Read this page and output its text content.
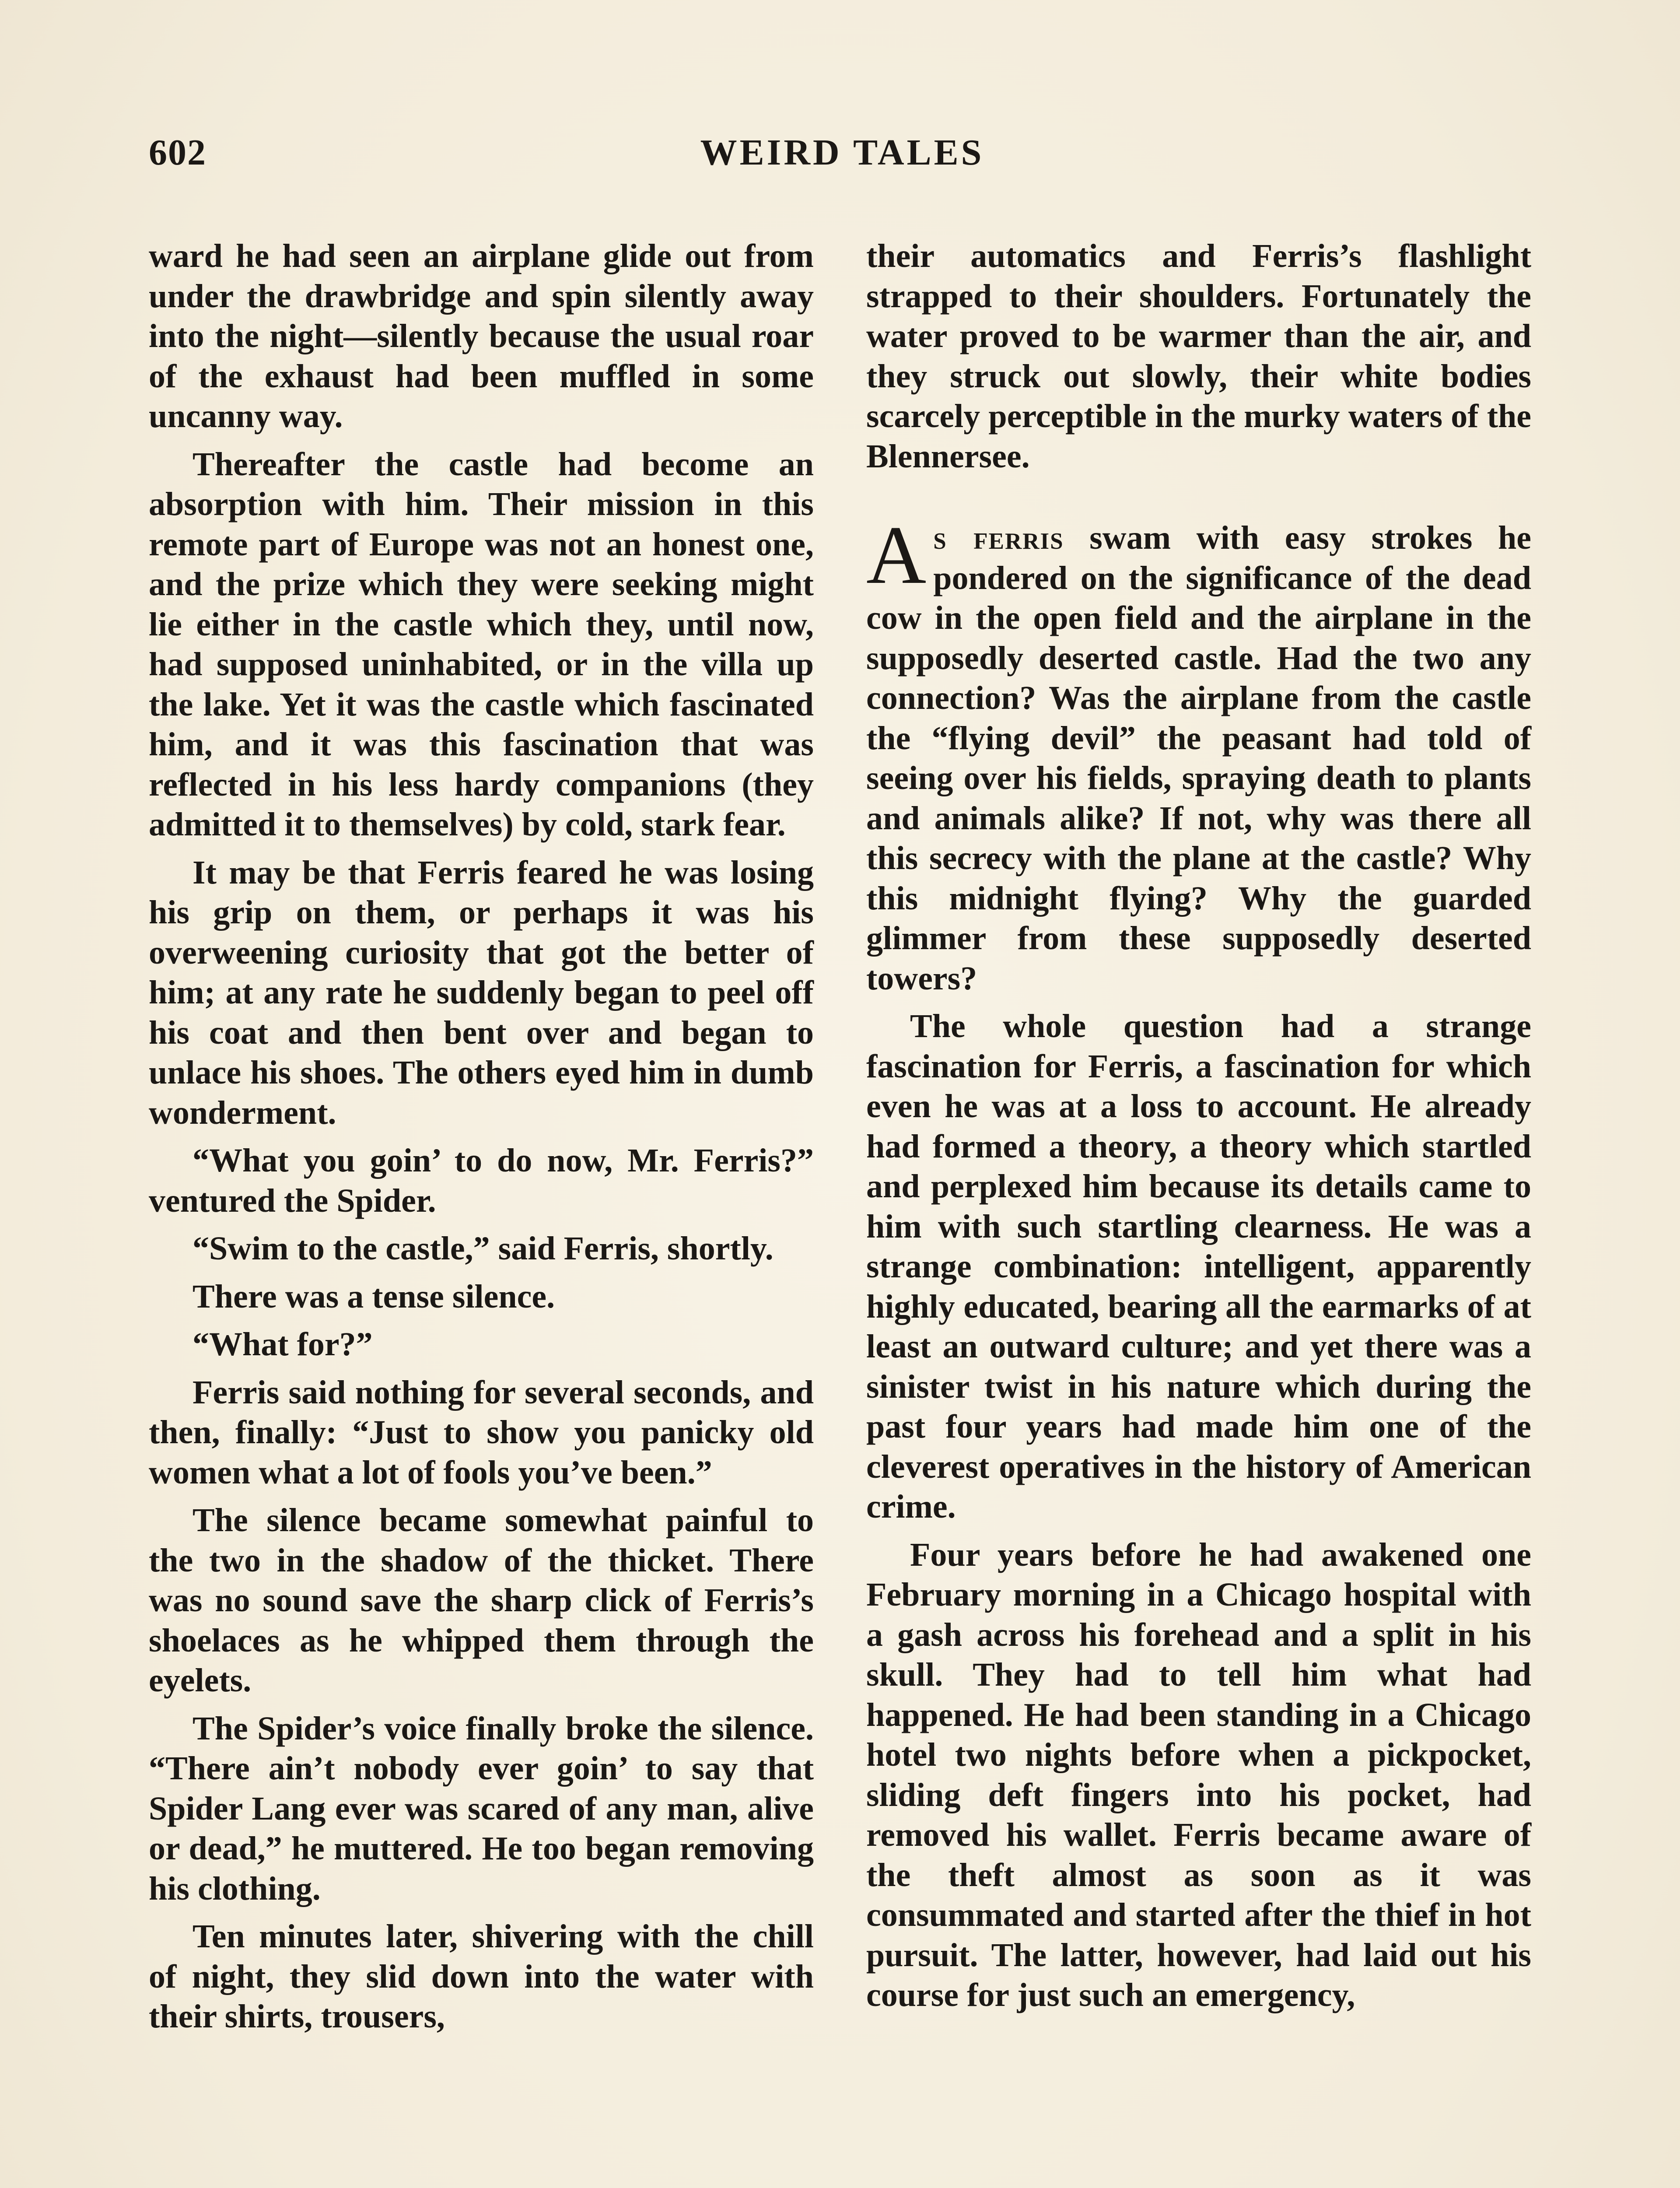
602	WEIRD TALES

ward he had seen an airplane glide out from under the drawbridge and spin silently away into the night—silently because the usual roar of the exhaust had been muffled in some uncanny way.

Thereafter the castle had become an absorption with him. Their mission in this remote part of Europe was not an honest one, and the prize which they were seeking might lie either in the castle which they, until now, had supposed uninhabited, or in the villa up the lake. Yet it was the castle which fascinated him, and it was this fascination that was reflected in his less hardy companions (they admitted it to themselves) by cold, stark fear.

It may be that Ferris feared he was losing his grip on them, or perhaps it was his overweening curiosity that got the better of him; at any rate he suddenly began to peel off his coat and then bent over and began to unlace his shoes. The others eyed him in dumb wonderment.

“What you goin’ to do now, Mr. Ferris?” ventured the Spider.

“Swim to the castle,” said Ferris, shortly.

There was a tense silence.

“What for?”

Ferris said nothing for several seconds, and then, finally: “Just to show you panicky old women what a lot of fools you’ve been.”

The silence became somewhat painful to the two in the shadow of the thicket. There was no sound save the sharp click of Ferris’s shoelaces as he whipped them through the eyelets.

The Spider’s voice finally broke the silence. “There ain’t nobody ever goin’ to say that Spider Lang ever was scared of any man, alive or dead,” he muttered. He too began removing his clothing.

Ten minutes later, shivering with the chill of night, they slid down into the water with their shirts, trousers,

their automatics and Ferris’s flashlight strapped to their shoulders. Fortunately the water proved to be warmer than the air, and they struck out slowly, their white bodies scarcely perceptible in the murky waters of the Blennersee.

As ferris swam with easy strokes he pondered on the significance of the dead cow in the open field and the airplane in the supposedly deserted castle. Had the two any connection? Was the airplane from the castle the “flying devil” the peasant had told of seeing over his fields, spraying death to plants and animals alike? If not, why was there all this secrecy with the plane at the castle? Why this midnight flying? Why the guarded glimmer from these supposedly deserted towers?

The whole question had a strange fascination for Ferris, a fascination for which even he was at a loss to account. He already had formed a theory, a theory which startled and perplexed him because its details came to him with such startling clearness. He was a strange combination: intelligent, apparently highly educated, bearing all the earmarks of at least an outward culture; and yet there was a sinister twist in his nature which during the past four years had made him one of the cleverest operatives in the history of American crime.

Four years before he had awakened one February morning in a Chicago hospital with a gash across his forehead and a split in his skull. They had to tell him what had happened. He had been standing in a Chicago hotel two nights before when a pickpocket, sliding deft fingers into his pocket, had removed his wallet. Ferris became aware of the theft almost as soon as it was consummated and started after the thief in hot pursuit. The latter, however, had laid out his course for just such an emergency,
